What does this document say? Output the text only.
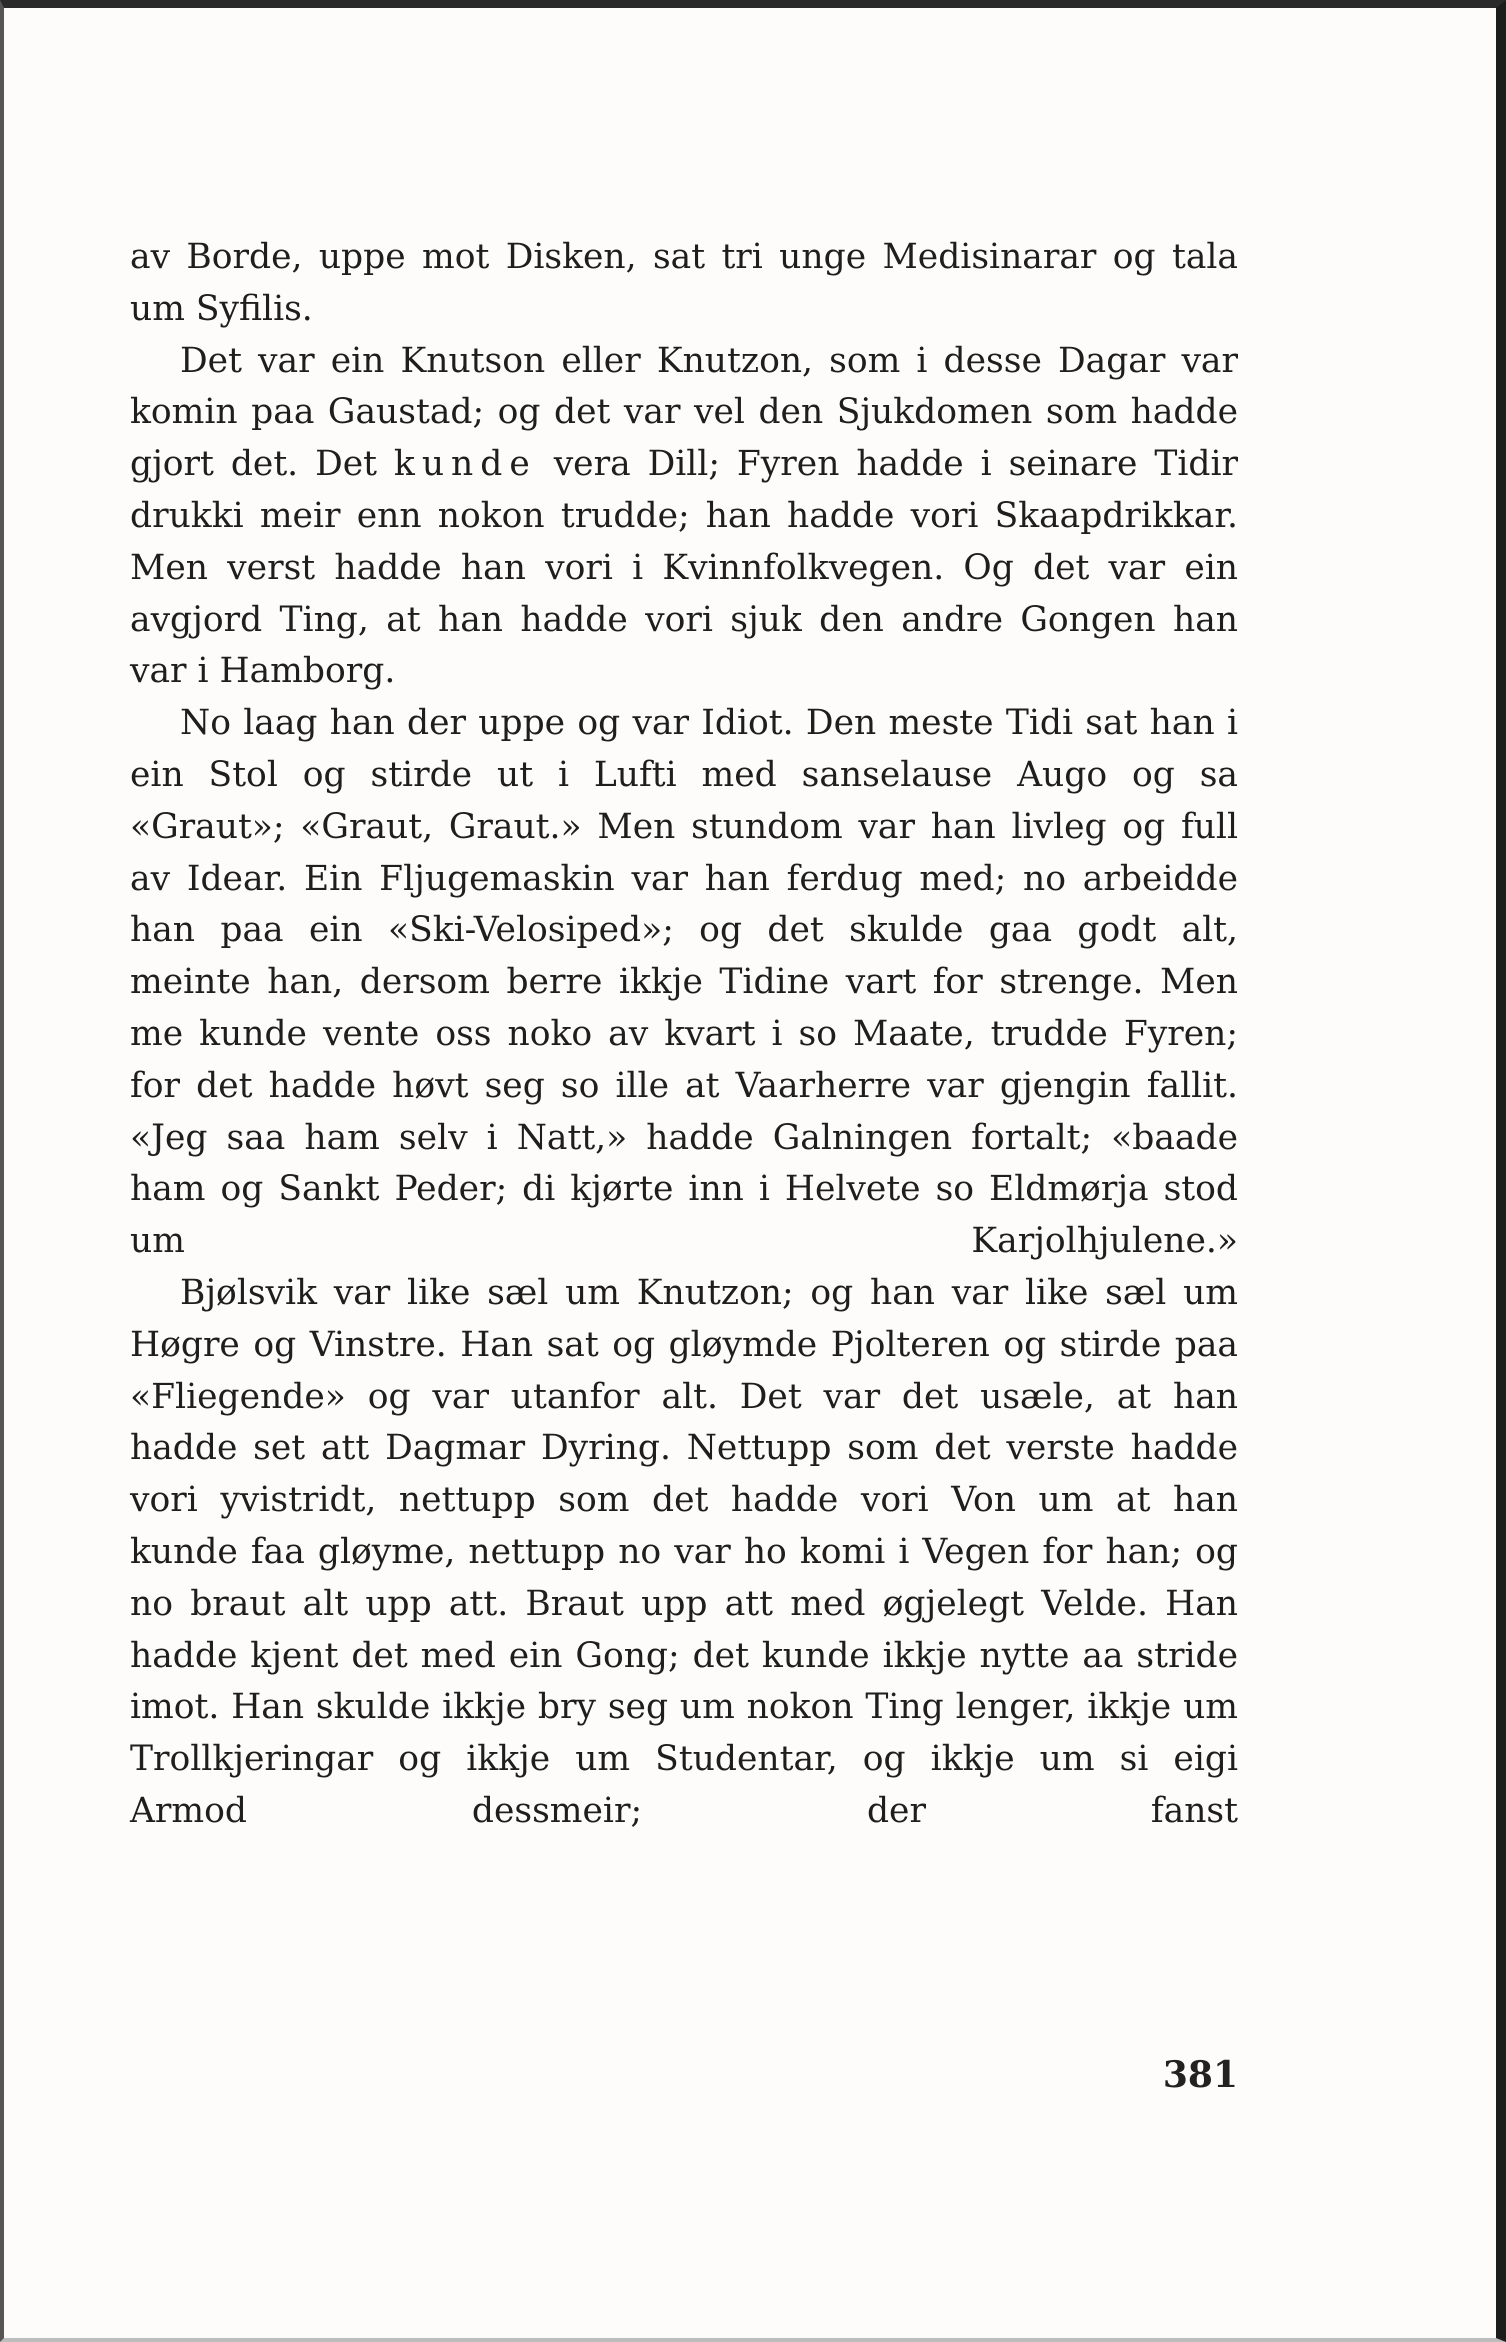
av Borde, uppe mot Disken, sat tri unge Medisinarar og tala um Syfilis.

Det var ein Knutson eller Knutzon, som i desse Dagar var komin paa Gaustad; og det var vel den Sjukdomen som hadde gjort det. Det kunde vera Dill; Fyren hadde i seinare Tidir drukki meir enn nokon trudde; han hadde vori Skaapdrikkar. Men verst hadde han vori i Kvinnfolkvegen. Og det var ein avgjord Ting, at han hadde vori sjuk den andre Gongen han var i Hamborg.

No laag han der uppe og var Idiot. Den meste Tidi sat han i ein Stol og stirde ut i Lufti med sanselause Augo og sa «Graut»; «Graut, Graut.» Men stundom var han livleg og full av Idear. Ein Fljugemaskin var han ferdug med; no arbeidde han paa ein «Ski-Velosiped»; og det skulde gaa godt alt, meinte han, dersom berre ikkje Tidine vart for strenge. Men me kunde vente oss noko av kvart i so Maate, trudde Fyren; for det hadde høvt seg so ille at Vaarherre var gjengin fallit. «Jeg saa ham selv i Natt,» hadde Galningen fortalt; «baade ham og Sankt Peder; di kjørte inn i Helvete so Eldmørja stod um Karjolhjulene.»

Bjølsvik var like sæl um Knutzon; og han var like sæl um Høgre og Vinstre. Han sat og gløymde Pjolteren og stirde paa «Fliegende» og var utanfor alt. Det var det usæle, at han hadde set att Dagmar Dyring. Nettupp som det verste hadde vori yvistridt, nettupp som det hadde vori Von um at han kunde faa gløyme, nettupp no var ho komi i Vegen for han; og no braut alt upp att. Braut upp att med øgjelegt Velde. Han hadde kjent det med ein Gong; det kunde ikkje nytte aa stride imot. Han skulde ikkje bry seg um nokon Ting lenger, ikkje um Trollkjeringar og ikkje um Studentar, og ikkje um si eigi Armod dessmeir; der fanst

381
